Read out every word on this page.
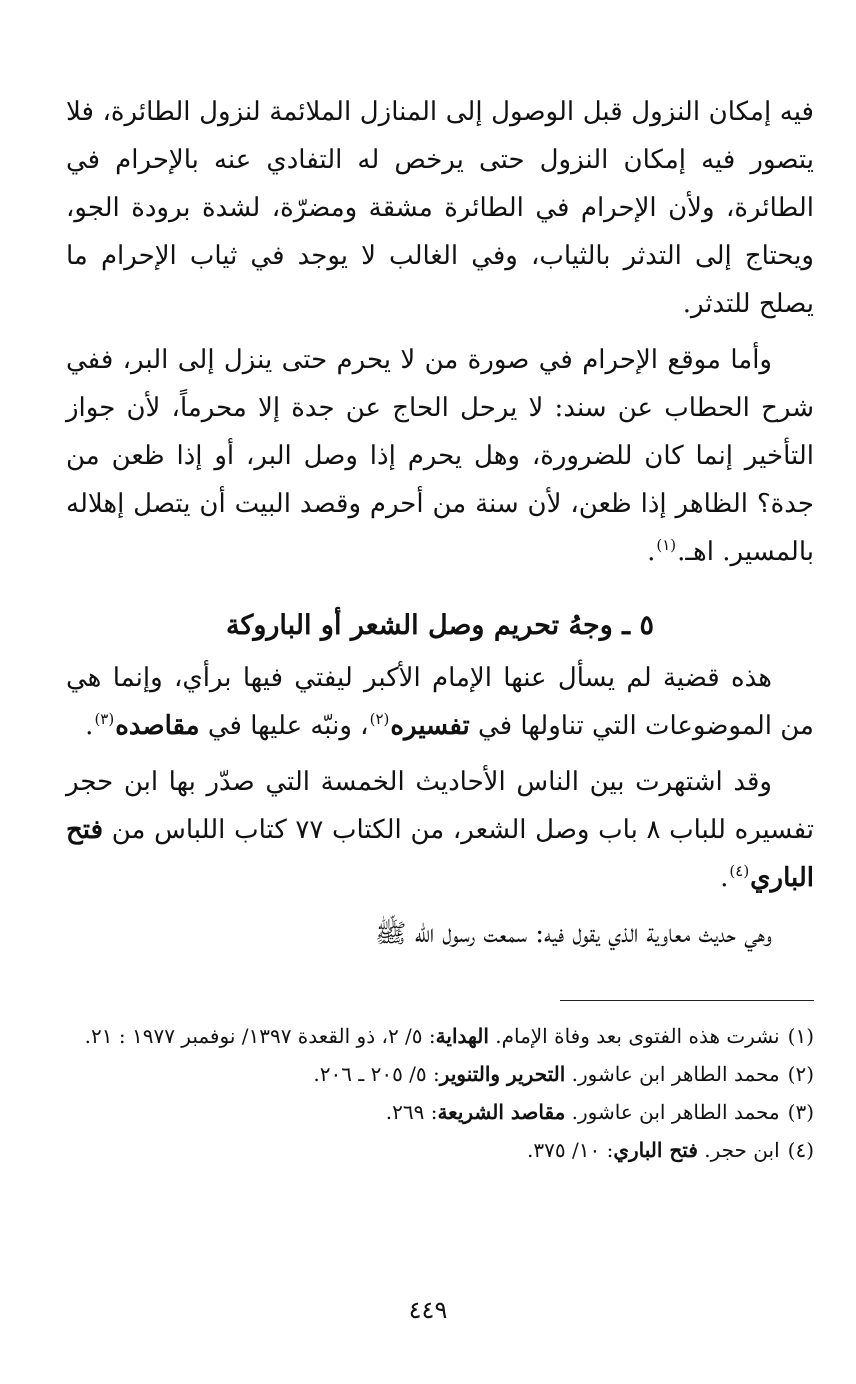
فيه إمكان النزول قبل الوصول إلى المنازل الملائمة لنزول الطائرة، فلا يتصور فيه إمكان النزول حتى يرخص له التفادي عنه بالإحرام في الطائرة، ولأن الإحرام في الطائرة مشقة ومضرّة، لشدة برودة الجو، ويحتاج إلى التدثر بالثياب، وفي الغالب لا يوجد في ثياب الإحرام ما يصلح للتدثر.

وأما موقع الإحرام في صورة من لا يحرم حتى ينزل إلى البر، ففي شرح الحطاب عن سند: لا يرحل الحاج عن جدة إلا محرماً، لأن جواز التأخير إنما كان للضرورة، وهل يحرم إذا وصل البر، أو إذا ظعن من جدة؟ الظاهر إذا ظعن، لأن سنة من أحرم وقصد البيت أن يتصل إهلاله بالمسير. اهـ.$^{(١)}$.

٥ ـ وجهُ تحريم وصل الشعر أو الباروكة

هذه قضية لم يسأل عنها الإمام الأكبر ليفتي فيها برأي، وإنما هي من الموضوعات التي تناولها في تفسيره$^{(٢)}$، ونبّه عليها في مقاصده$^{(٣)}$.

وقد اشتهرت بين الناس الأحاديث الخمسة التي صدّر بها ابن حجر تفسيره للباب ٨ باب وصل الشعر، من الكتاب ٧٧ كتاب اللباس من فتح الباري$^{(٤)}$.

وهي حديث معاوية الذي يقول فيه: سمعت رسول الله ﷺ

(١)
نشرت هذه الفتوى بعد وفاة الإمام. الهداية: ٥/ ٢، ذو القعدة ١٣٩٧/ نوفمبر ١٩٧٧ : ٢١.
(٢)
محمد الطاهر ابن عاشور. التحرير والتنوير: ٥/ ٢٠٥ ـ ٢٠٦.
(٣)
محمد الطاهر ابن عاشور. مقاصد الشريعة: ٢٦٩.
(٤)
ابن حجر. فتح الباري: ١٠/ ٣٧٥.
٤٤٩
